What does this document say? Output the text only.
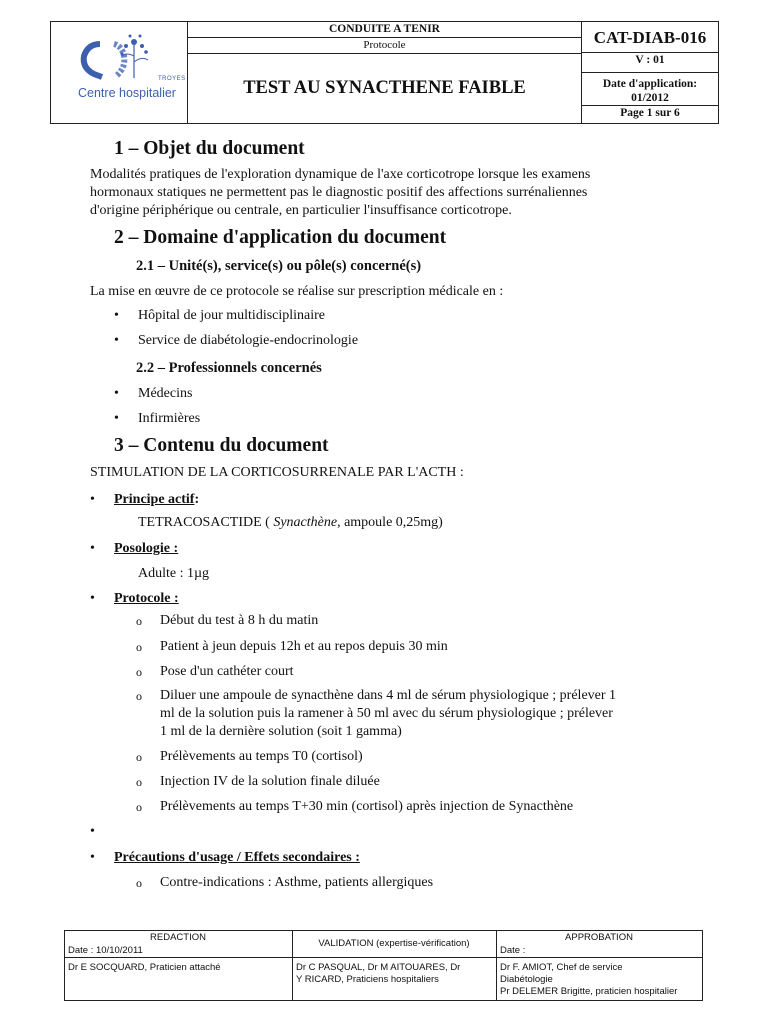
TROYES
Centre hospitalier
CONDUITE A TENIR
Protocole
TEST AU SYNACTHENE FAIBLE
CAT-DIAB-016
V : 01
Date d'application:
01/2012
Page 1 sur 6
1 – Objet du document
Modalités pratiques de l'exploration dynamique de l'axe corticotrope lorsque les examens
hormonaux statiques ne permettent pas le diagnostic positif des affections surrénaliennes
d'origine périphérique ou centrale, en particulier l'insuffisance corticotrope.
2 – Domaine d'application du document
2.1 – Unité(s), service(s) ou pôle(s) concerné(s)
La mise en œuvre de ce protocole se réalise sur prescription médicale en :
• Hôpital de jour multidisciplinaire
• Service de diabétologie-endocrinologie
2.2 – Professionnels concernés
• Médecins
• Infirmières
3 – Contenu du document
STIMULATION DE LA CORTICOSURRENALE PAR L'ACTH :
• Principe actif:
TETRACOSACTIDE ( Synacthène, ampoule 0,25mg)
• Posologie :
Adulte : 1µg
• Protocole :
o Début du test à 8 h du matin
o Patient à jeun depuis 12h et au repos depuis 30 min
o Pose d'un cathéter court
o Diluer une ampoule de synacthène dans 4 ml de sérum physiologique ; prélever 1
ml de la solution puis la ramener à 50 ml avec du sérum physiologique ; prélever
1 ml de la dernière solution (soit 1 gamma)
o Prélèvements au temps T0 (cortisol)
o Injection IV de la solution finale diluée
o Prélèvements au temps T+30 min (cortisol) après injection de Synacthène
•
• Précautions d'usage / Effets secondaires :
o Contre-indications : Asthme, patients allergiques
REDACTION
Date : 10/10/2011
VALIDATION (expertise-vérification)
APPROBATION
Date :
Dr E SOCQUARD, Praticien attaché	Dr C PASQUAL, Dr M AITOUARES, Dr
Y RICARD, Praticiens hospitaliers
Dr F. AMIOT, Chef de service
Diabétologie
Pr DELEMER Brigitte, praticien hospitalier
